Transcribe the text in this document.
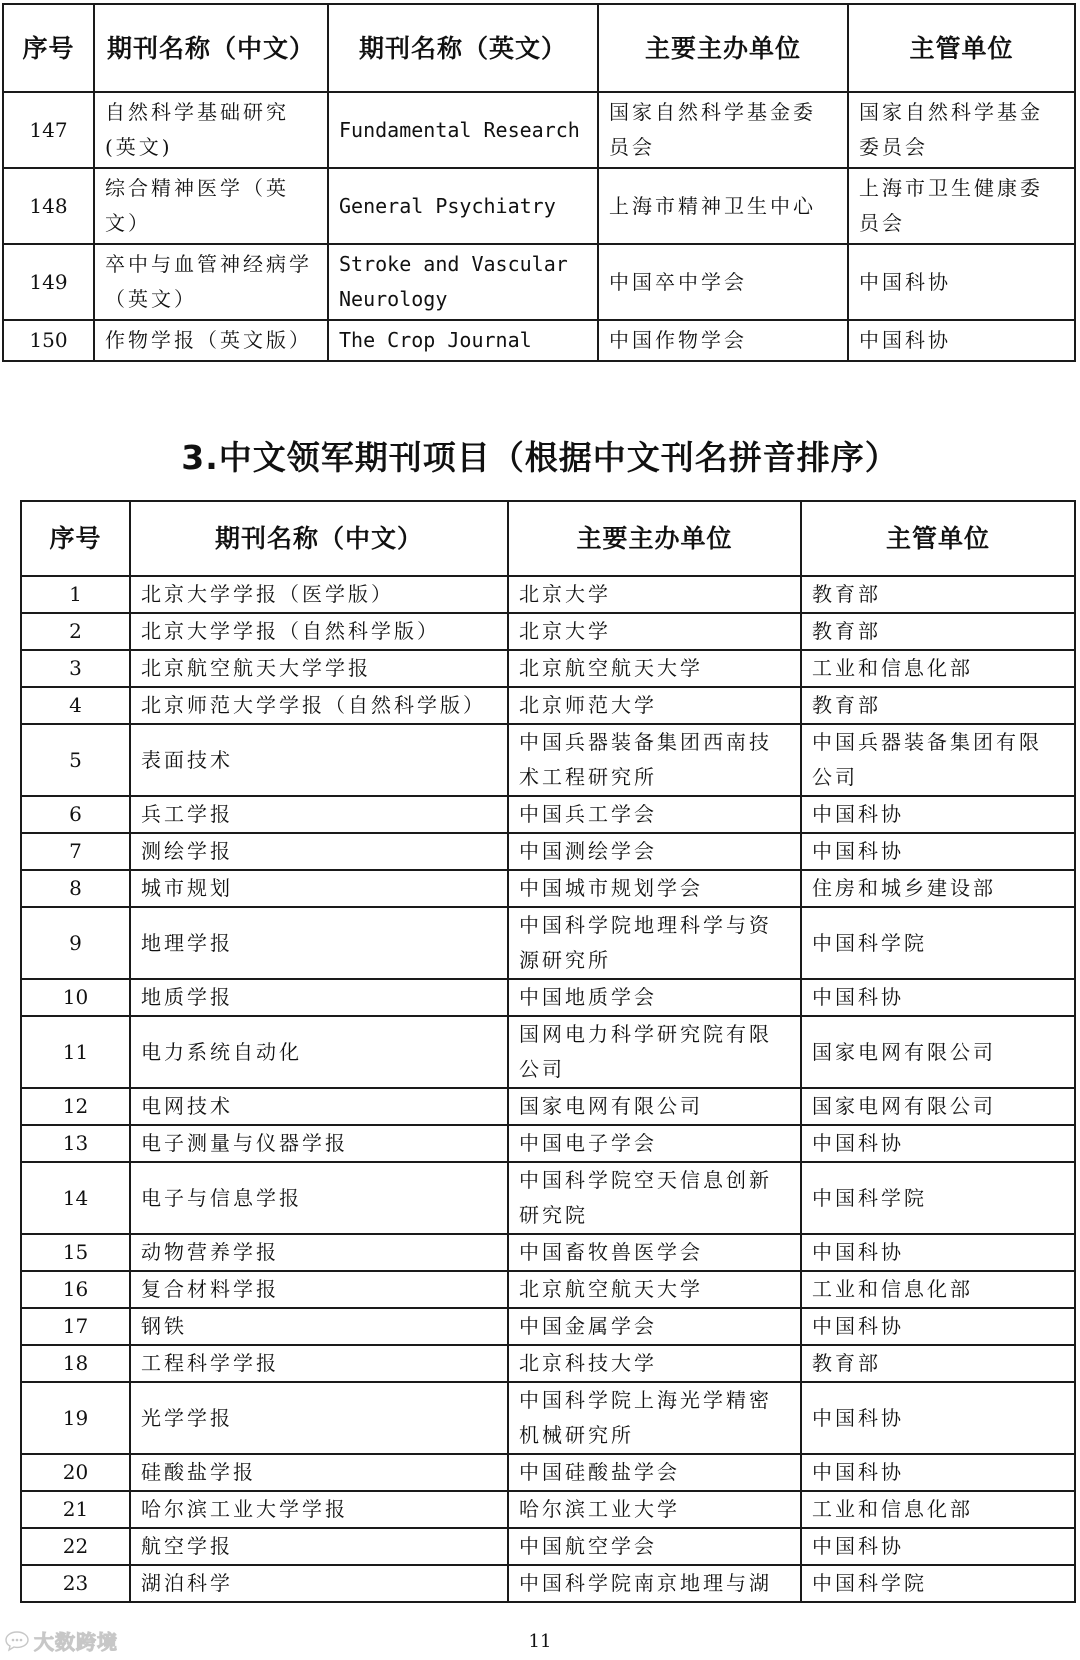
序号	期刊名称（中文）	期刊名称（英文）	主要主办单位	主管单位
147	自然科学基础研究(英文)	Fundamental Research	国家自然科学基金委员会	国家自然科学基金委员会
148	综合精神医学（英文）	General Psychiatry	上海市精神卫生中心	上海市卫生健康委员会
149	卒中与血管神经病学（英文）	Stroke and Vascular Neurology	中国卒中学会	中国科协
150	作物学报（英文版）	The Crop Journal	中国作物学会	中国科协
3.中文领军期刊项目（根据中文刊名拼音排序）
序号	期刊名称（中文）	主要主办单位	主管单位
1	北京大学学报（医学版）	北京大学	教育部
2	北京大学学报（自然科学版）	北京大学	教育部
3	北京航空航天大学学报	北京航空航天大学	工业和信息化部
4	北京师范大学学报（自然科学版）	北京师范大学	教育部
5	表面技术	中国兵器装备集团西南技术工程研究所	中国兵器装备集团有限公司
6	兵工学报	中国兵工学会	中国科协
7	测绘学报	中国测绘学会	中国科协
8	城市规划	中国城市规划学会	住房和城乡建设部
9	地理学报	中国科学院地理科学与资源研究所	中国科学院
10	地质学报	中国地质学会	中国科协
11	电力系统自动化	国网电力科学研究院有限公司	国家电网有限公司
12	电网技术	国家电网有限公司	国家电网有限公司
13	电子测量与仪器学报	中国电子学会	中国科协
14	电子与信息学报	中国科学院空天信息创新研究院	中国科学院
15	动物营养学报	中国畜牧兽医学会	中国科协
16	复合材料学报	北京航空航天大学	工业和信息化部
17	钢铁	中国金属学会	中国科协
18	工程科学学报	北京科技大学	教育部
19	光学学报	中国科学院上海光学精密机械研究所	中国科协
20	硅酸盐学报	中国硅酸盐学会	中国科协
21	哈尔滨工业大学学报	哈尔滨工业大学	工业和信息化部
22	航空学报	中国航空学会	中国科协
23	湖泊科学	中国科学院南京地理与湖	中国科学院
大数跨境	11
